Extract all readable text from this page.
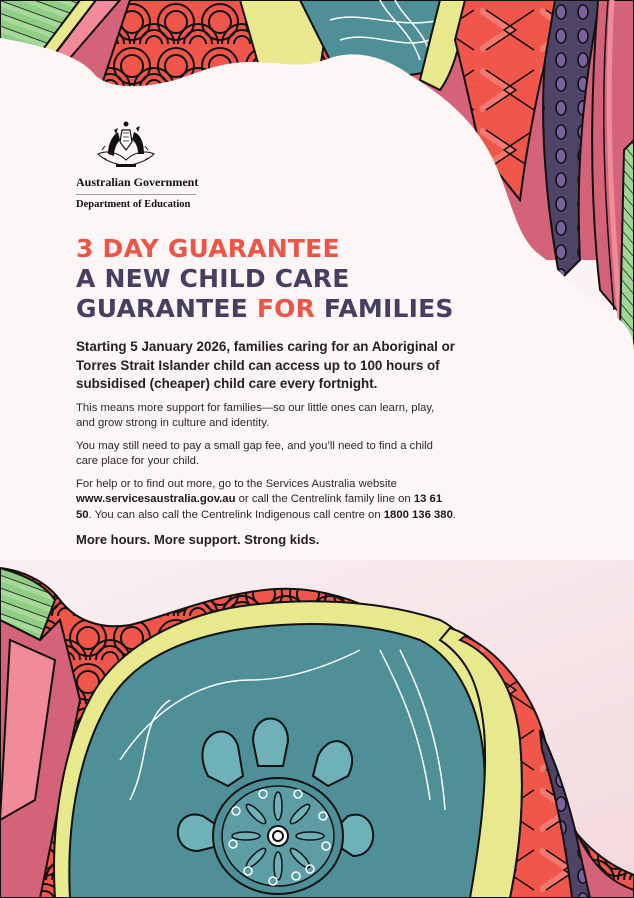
Australian Government
Department of Education
3 DAY GUARANTEE
A NEW CHILD CARE
GUARANTEE FOR FAMILIES
Starting 5 January 2026, families caring for an Aboriginal or Torres Strait Islander child can access up to 100 hours of subsidised (cheaper) child care every fortnight.
This means more support for families—so our little ones can learn, play, and grow strong in culture and identity.
You may still need to pay a small gap fee, and you’ll need to find a child care place for your child.
For help or to find out more, go to the Services Australia website www.servicesaustralia.gov.au or call the Centrelink family line on 13 61 50. You can also call the Centrelink Indigenous call centre on 1800 136 380.
More hours. More support. Strong kids.
